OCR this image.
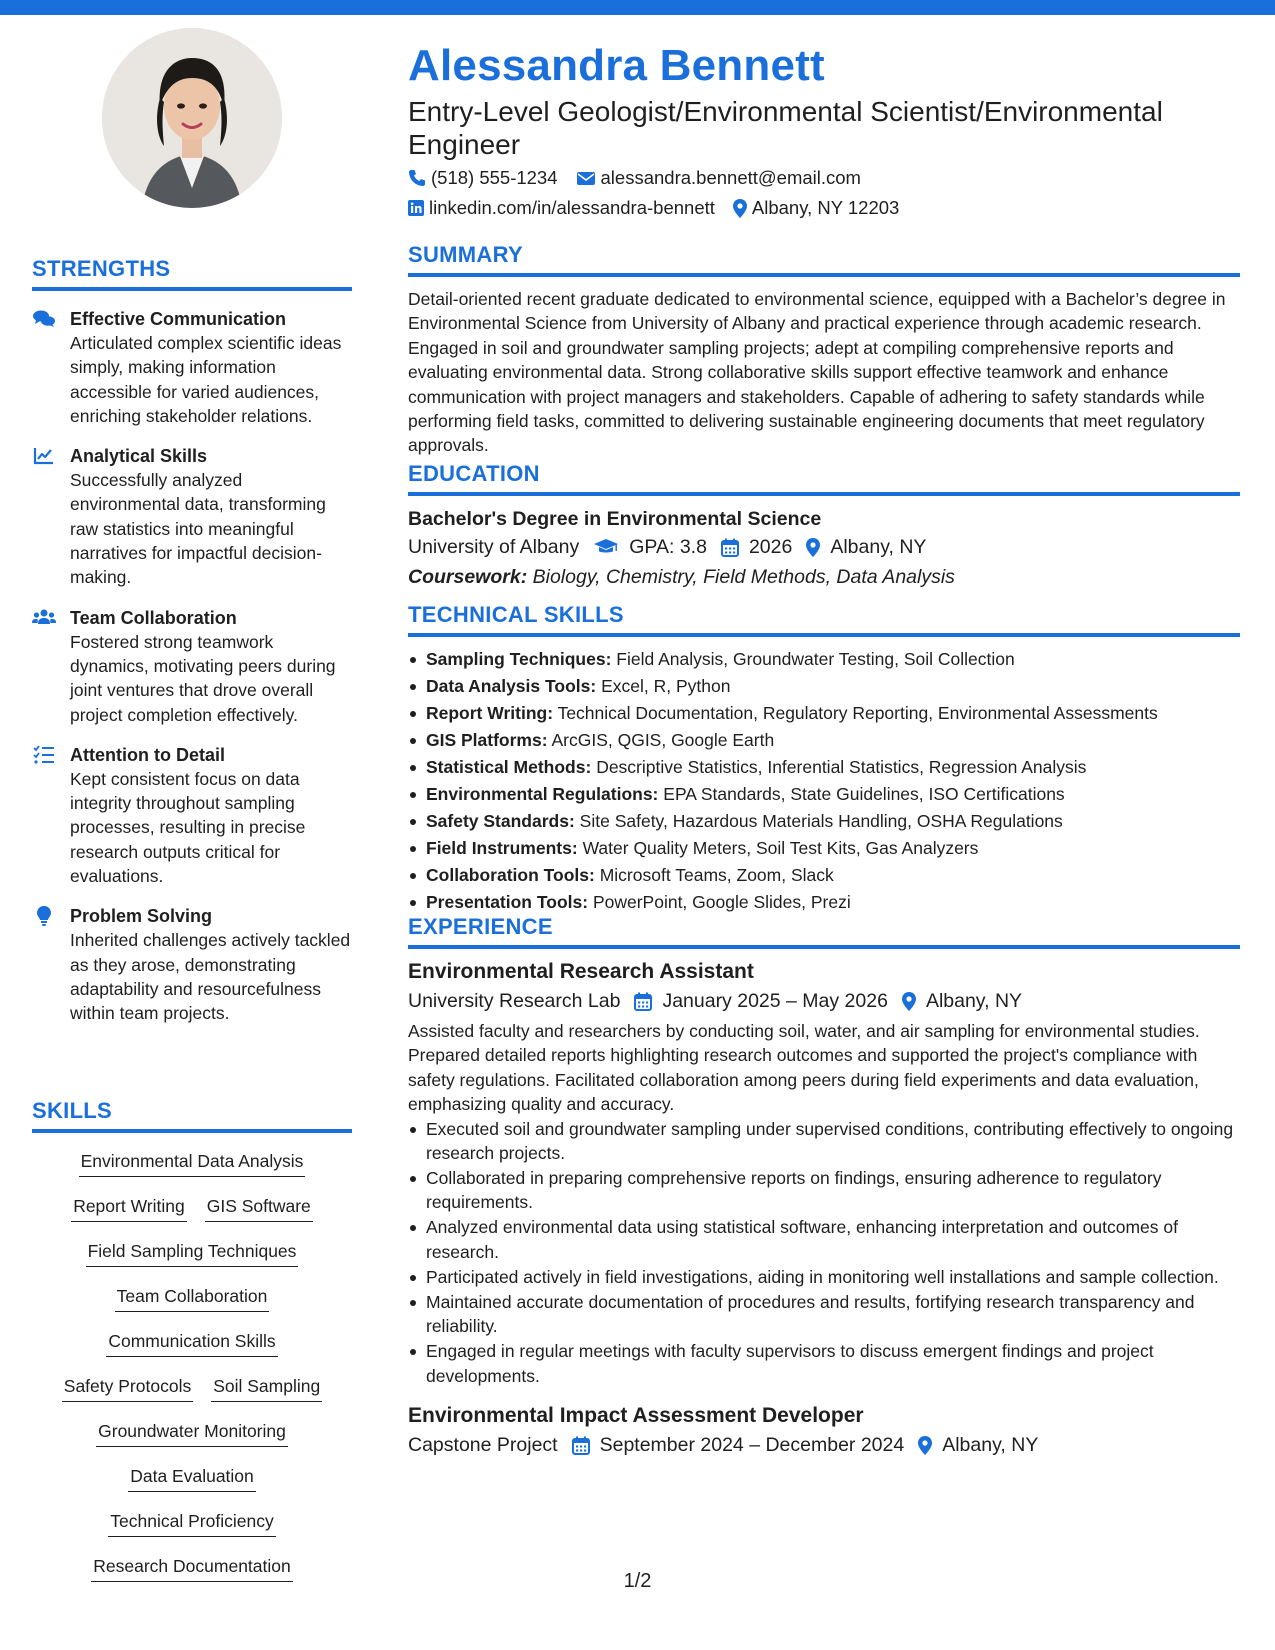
STRENGTHS
Effective Communication
Articulated complex scientific ideas simply, making information accessible for varied audiences, enriching stakeholder relations.
Analytical Skills
Successfully analyzed environmental data, transforming raw statistics into meaningful narratives for impactful decision-making.
Team Collaboration
Fostered strong teamwork dynamics, motivating peers during joint ventures that drove overall project completion effectively.
Attention to Detail
Kept consistent focus on data integrity throughout sampling processes, resulting in precise research outputs critical for evaluations.
Problem Solving
Inherited challenges actively tackled as they arose, demonstrating adaptability and resourcefulness within team projects.
SKILLS
Environmental Data Analysis
Report Writing GIS Software
Field Sampling Techniques
Team Collaboration
Communication Skills
Safety Protocols Soil Sampling
Groundwater Monitoring
Data Evaluation
Technical Proficiency
Research Documentation
Alessandra Bennett
Entry-Level Geologist/Environmental Scientist/Environmental Engineer
(518) 555-1234 alessandra.bennett@email.com
linkedin.com/in/alessandra-bennett Albany, NY 12203
SUMMARY
Detail-oriented recent graduate dedicated to environmental science, equipped with a Bachelor’s degree in Environmental Science from University of Albany and practical experience through academic research. Engaged in soil and groundwater sampling projects; adept at compiling comprehensive reports and evaluating environmental data. Strong collaborative skills support effective teamwork and enhance communication with project managers and stakeholders. Capable of adhering to safety standards while performing field tasks, committed to delivering sustainable engineering documents that meet regulatory approvals.
EDUCATION
Bachelor's Degree in Environmental Science
University of Albany	GPA: 3.8 2026 Albany, NY
Coursework: Biology, Chemistry, Field Methods, Data Analysis
TECHNICAL SKILLS
Sampling Techniques: Field Analysis, Groundwater Testing, Soil Collection
Data Analysis Tools: Excel, R, Python
Report Writing: Technical Documentation, Regulatory Reporting, Environmental Assessments
GIS Platforms: ArcGIS, QGIS, Google Earth
Statistical Methods: Descriptive Statistics, Inferential Statistics, Regression Analysis
Environmental Regulations: EPA Standards, State Guidelines, ISO Certifications
Safety Standards: Site Safety, Hazardous Materials Handling, OSHA Regulations
Field Instruments: Water Quality Meters, Soil Test Kits, Gas Analyzers
Collaboration Tools: Microsoft Teams, Zoom, Slack
Presentation Tools: PowerPoint, Google Slides, Prezi
EXPERIENCE
Environmental Research Assistant
University Research Lab January 2025 – May 2026 Albany, NY
Assisted faculty and researchers by conducting soil, water, and air sampling for environmental studies. Prepared detailed reports highlighting research outcomes and supported the project's compliance with safety regulations. Facilitated collaboration among peers during field experiments and data evaluation, emphasizing quality and accuracy.
Executed soil and groundwater sampling under supervised conditions, contributing effectively to ongoing research projects.
Collaborated in preparing comprehensive reports on findings, ensuring adherence to regulatory requirements.
Analyzed environmental data using statistical software, enhancing interpretation and outcomes of research.
Participated actively in field investigations, aiding in monitoring well installations and sample collection.
Maintained accurate documentation of procedures and results, fortifying research transparency and reliability.
Engaged in regular meetings with faculty supervisors to discuss emergent findings and project developments.
Environmental Impact Assessment Developer
Capstone Project September 2024 – December 2024 Albany, NY
1/2
